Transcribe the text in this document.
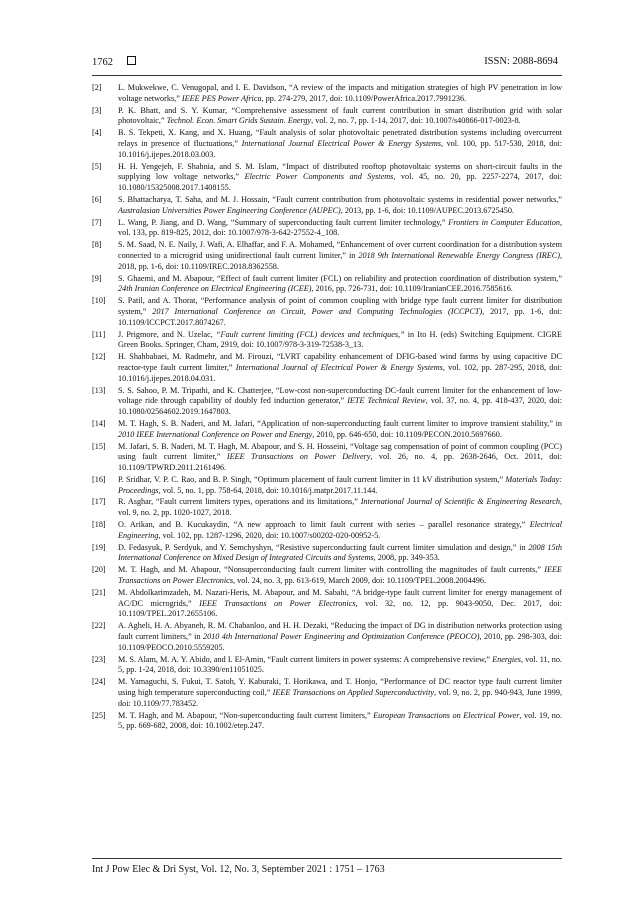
1762	ISSN: 2088-8694
[2] L. Mukwekwe, C. Venugopal, and I. E. Davidson, “A review of the impacts and mitigation strategies of high PV penetration in low voltage networks,” IEEE PES Power Africa, pp. 274-279, 2017, doi: 10.1109/PowerAfrica.2017.7991236.
[3] P. K. Bhatt, and S. Y. Kumar, “Comprehensive assessment of fault current contribution in smart distribution grid with solar photovoltaic,” Technol. Econ. Smart Grids Sustain. Energy, vol. 2, no. 7, pp. 1-14, 2017, doi: 10.1007/s40866-017-0023-8.
[4] B. S. Tekpeti, X. Kang, and X. Huang, “Fault analysis of solar photovoltaic penetrated distribution systems including overcurrent relays in presence of fluctuations,” International Journal Electrical Power & Energy Systems, vol. 100, pp. 517-530, 2018, doi: 10.1016/j.ijepes.2018.03.003.
[5] H. H. Yengejeh, F. Shahnia, and S. M. Islam, “Impact of distributed rooftop photovoltaic systems on short-circuit faults in the supplying low voltage networks,” Electric Power Components and Systems, vol. 45, no. 20, pp. 2257-2274, 2017, doi: 10.1080/15325008.2017.1408155.
[6] S. Bhattacharya, T. Saha, and M. J. Hossain, “Fault current contribution from photovoltaic systems in residential power networks,” Australasian Universities Power Engineering Conference (AUPEC), 2013, pp. 1-6, doi: 10.1109/AUPEC.2013.6725450.
[7] L. Wang, P. Jiang, and D. Wang, “Summary of superconducting fault current limiter technology,” Frontiers in Computer Education, vol. 133, pp. 819-825, 2012, doi: 10.1007/978-3-642-27552-4_108.
[8] S. M. Saad, N. E. Naily, J. Wafi, A. Elhaffar, and F. A. Mohamed, “Enhancement of over current coordination for a distribution system connected to a microgrid using unidirectional fault current limiter,” in 2018 9th International Renewable Energy Congress (IREC), 2018, pp. 1-6, doi: 10.1109/IREC.2018.8362558.
[9] S. Ghaemi, and M. Abapour, “Effect of fault current limiter (FCL) on reliability and protection coordination of distribution system,” 24th Iranian Conference on Electrical Engineering (ICEE), 2016, pp. 726-731, doi: 10.1109/IranianCEE.2016.7585616.
[10] S. Patil, and A. Thorat, “Performance analysis of point of common coupling with bridge type fault current limiter for distribution system,” 2017 International Conference on Circuit, Power and Computing Technologies (ICCPCT), 2017, pp. 1-6, doi: 10.1109/ICCPCT.2017.8074267.
[11] J. Prigmore, and N. Uzelac, “Fault current limiting (FCL) devices and techniques,” in Ito H. (eds) Switching Equipment. CIGRE Green Books. Springer, Cham, 2919, doi: 10.1007/978-3-319-72538-3_13.
[12] H. Shahbabaei, M. Radmehr, and M. Firouzi, “LVRT capability enhancement of DFIG-based wind farms by using capacitive DC reactor-type fault current limiter,” International Journal of Electrical Power & Energy Systems, vol. 102, pp. 287-295, 2018, doi: 10.1016/j.ijepes.2018.04.031.
[13] S. S. Sahoo, P. M. Tripathi, and K. Chatterjee, “Low-cost non-superconducting DC-fault current limiter for the enhancement of low-voltage ride through capability of doubly fed induction generator,” IETE Technical Review, vol. 37, no. 4, pp. 418-437, 2020, doi: 10.1080/02564602.2019.1647803.
[14] M. T. Hagh, S. B. Naderi, and M. Jafari, “Application of non-superconducting fault current limiter to improve transient stability,” in 2010 IEEE International Conference on Power and Energy, 2010, pp. 646-650, doi: 10.1109/PECON.2010.5697660.
[15] M. Jafari, S. B. Naderi, M. T. Hagh, M. Abapour, and S. H. Hosseini, “Voltage sag compensation of point of common coupling (PCC) using fault current limiter,” IEEE Transactions on Power Delivery, vol. 26, no. 4, pp. 2638-2646, Oct. 2011, doi: 10.1109/TPWRD.2011.2161496.
[16] P. Sridhar, V. P. C. Rao, and B. P. Singh, “Optimum placement of fault current limiter in 11 kV distribution system,” Materials Today: Proceedings, vol. 5, no. 1, pp. 758-64, 2018, doi: 10.1016/j.matpr.2017.11.144.
[17] R. Asghar, “Fault current limiters types, operations and its limitations,” International Journal of Scientific & Engineering Research, vol. 9, no. 2, pp. 1020-1027, 2018.
[18] O. Arikan, and B. Kucukaydin, “A new approach to limit fault current with series – parallel resonance strategy,” Electrical Engineering, vol. 102, pp. 1287-1296, 2020, doi: 10.1007/s00202-020-00952-5.
[19] D. Fedasyuk, P. Serdyuk, and Y. Semchyshyn, “Resistive superconducting fault current limiter simulation and design,” in 2008 15th International Conference on Mixed Design of Integrated Circuits and Systems, 2008, pp. 349-353.
[20] M. T. Hagh, and M. Abapour, “Nonsuperconducting fault current limiter with controlling the magnitudes of fault currents,” IEEE Transactions on Power Electronics, vol. 24, no. 3, pp. 613-619, March 2009, doi: 10.1109/TPEL.2008.2004496.
[21] M. Abdolkarimzadeh, M. Nazari-Heris, M. Abapour, and M. Sabahi, “A bridge-type fault current limiter for energy management of AC/DC microgrids,” IEEE Transactions on Power Electronics, vol. 32, no. 12, pp. 9043-9050, Dec. 2017, doi: 10.1109/TPEL.2017.2655106.
[22] A. Agheli, H. A. Abyaneh, R. M. Chabanloo, and H. H. Dezaki, “Reducing the impact of DG in distribution networks protection using fault current limiters,” in 2010 4th International Power Engineering and Optimization Conference (PEOCO), 2010, pp. 298-303, doi: 10.1109/PEOCO.2010.5559205.
[23] M. S. Alam, M. A. Y. Abido, and I. El-Amin, “Fault current limiters in power systems: A comprehensive review,” Energies, vol. 11, no. 5, pp. 1-24, 2018, doi: 10.3390/en11051025.
[24] M. Yamaguchi, S. Fukui, T. Satoh, Y. Kaburaki, T. Horikawa, and T. Honjo, “Performance of DC reactor type fault current limiter using high temperature superconducting coil,” IEEE Transactions on Applied Superconductivity, vol. 9, no. 2, pp. 940-943, June 1999, doi: 10.1109/77.783452.
[25] M. T. Hagh, and M. Abapour, “Non-superconducting fault current limiters,” European Transactions on Electrical Power, vol. 19, no. 5, pp. 669-682, 2008, doi: 10.1002/etep.247.
Int J Pow Elec & Dri Syst, Vol. 12, No. 3, September 2021 : 1751 – 1763
